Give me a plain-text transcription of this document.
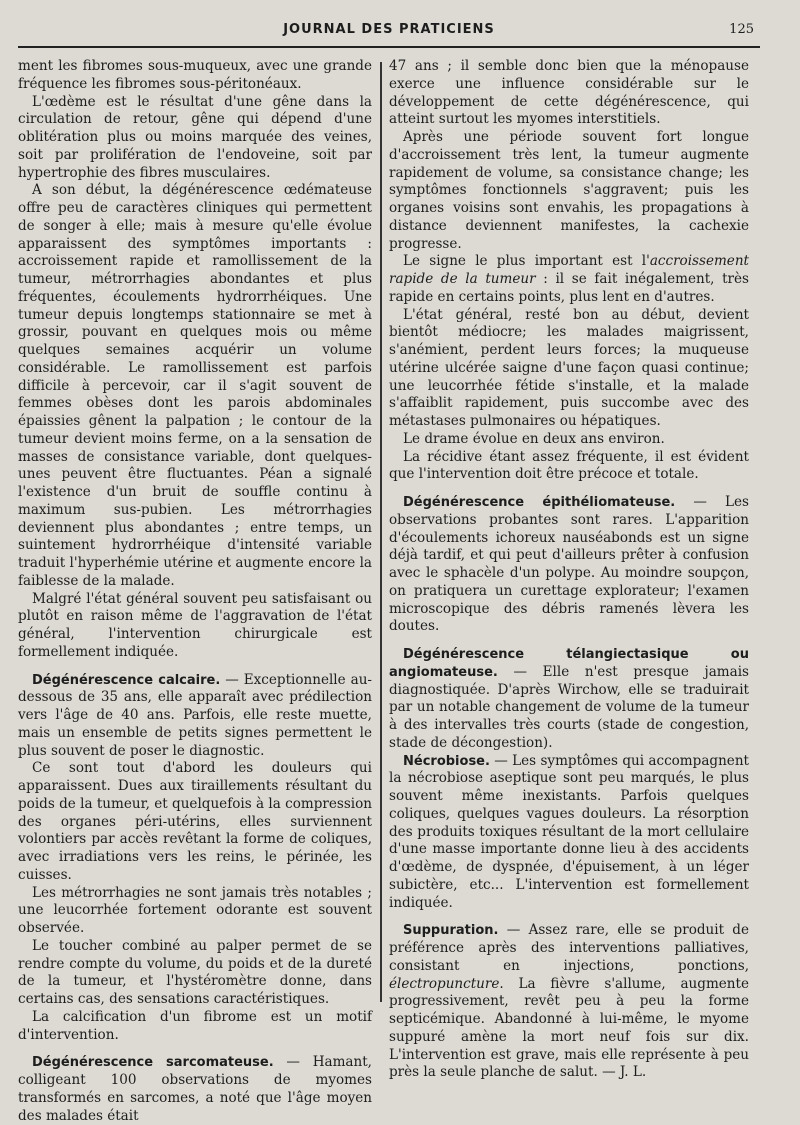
JOURNAL DES PRATICIENS	125

ment les fibromes sous-muqueux, avec une grande fréquence les fibromes sous-péritonéaux.

L'œdème est le résultat d'une gêne dans la circulation de retour, gêne qui dépend d'une oblitération plus ou moins marquée des veines, soit par prolifération de l'endoveine, soit par hypertrophie des fibres musculaires.

A son début, la dégénérescence œdémateuse offre peu de caractères cliniques qui permettent de songer à elle; mais à mesure qu'elle évolue apparaissent des symptômes importants : accroissement rapide et ramollissement de la tumeur, métrorrhagies abondantes et plus fréquentes, écoulements hydrorrhéiques. Une tumeur depuis longtemps stationnaire se met à grossir, pouvant en quelques mois ou même quelques semaines acquérir un volume considérable. Le ramollissement est parfois difficile à percevoir, car il s'agit souvent de femmes obèses dont les parois abdominales épaissies gênent la palpation ; le contour de la tumeur devient moins ferme, on a la sensation de masses de consistance variable, dont quelques-unes peuvent être fluctuantes. Péan a signalé l'existence d'un bruit de souffle continu à maximum sus-pubien. Les métrorrhagies deviennent plus abondantes ; entre temps, un suintement hydrorrhéique d'intensité variable traduit l'hyperhémie utérine et augmente encore la faiblesse de la malade.

Malgré l'état général souvent peu satisfaisant ou plutôt en raison même de l'aggravation de l'état général, l'intervention chirurgicale est formellement indiquée.

Dégénérescence calcaire. — Exceptionnelle au-dessous de 35 ans, elle apparaît avec prédilection vers l'âge de 40 ans. Parfois, elle reste muette, mais un ensemble de petits signes permettent le plus souvent de poser le diagnostic.

Ce sont tout d'abord les douleurs qui apparaissent. Dues aux tiraillements résultant du poids de la tumeur, et quelquefois à la compression des organes péri-utérins, elles surviennent volontiers par accès revêtant la forme de coliques, avec irradiations vers les reins, le périnée, les cuisses.

Les métrorrhagies ne sont jamais très notables ; une leucorrhée fortement odorante est souvent observée.

Le toucher combiné au palper permet de se rendre compte du volume, du poids et de la dureté de la tumeur, et l'hystéromètre donne, dans certains cas, des sensations caractéristiques.

La calcification d'un fibrome est un motif d'intervention.

Dégénérescence sarcomateuse. — Hamant, colligeant 100 observations de myomes transformés en sarcomes, a noté que l'âge moyen des malades était

47 ans ; il semble donc bien que la ménopause exerce une influence considérable sur le développement de cette dégénérescence, qui atteint surtout les myomes interstitiels.

Après une période souvent fort longue d'accroissement très lent, la tumeur augmente rapidement de volume, sa consistance change; les symptômes fonctionnels s'aggravent; puis les organes voisins sont envahis, les propagations à distance deviennent manifestes, la cachexie progresse.

Le signe le plus important est l'accroissement rapide de la tumeur : il se fait inégalement, très rapide en certains points, plus lent en d'autres.

L'état général, resté bon au début, devient bientôt médiocre; les malades maigrissent, s'anémient, perdent leurs forces; la muqueuse utérine ulcérée saigne d'une façon quasi continue; une leucorrhée fétide s'installe, et la malade s'affaiblit rapidement, puis succombe avec des métastases pulmonaires ou hépatiques.

Le drame évolue en deux ans environ.

La récidive étant assez fréquente, il est évident que l'intervention doit être précoce et totale.

Dégénérescence épithéliomateuse. — Les observations probantes sont rares. L'apparition d'écoulements ichoreux nauséabonds est un signe déjà tardif, et qui peut d'ailleurs prêter à confusion avec le sphacèle d'un polype. Au moindre soupçon, on pratiquera un curettage explorateur; l'examen microscopique des débris ramenés lèvera les doutes.

Dégénérescence télangiectasique ou angiomateuse. — Elle n'est presque jamais diagnostiquée. D'après Wirchow, elle se traduirait par un notable changement de volume de la tumeur à des intervalles très courts (stade de congestion, stade de décongestion).

Nécrobiose. — Les symptômes qui accompagnent la nécrobiose aseptique sont peu marqués, le plus souvent même inexistants. Parfois quelques coliques, quelques vagues douleurs. La résorption des produits toxiques résultant de la mort cellulaire d'une masse importante donne lieu à des accidents d'œdème, de dyspnée, d'épuisement, à un léger subictère, etc... L'intervention est formellement indiquée.

Suppuration. — Assez rare, elle se produit de préférence après des interventions palliatives, consistant en injections, ponctions, électropuncture. La fièvre s'allume, augmente progressivement, revêt peu à peu la forme septicémique. Abandonné à lui-même, le myome suppuré amène la mort neuf fois sur dix. L'intervention est grave, mais elle représente à peu près la seule planche de salut. — J. L.
